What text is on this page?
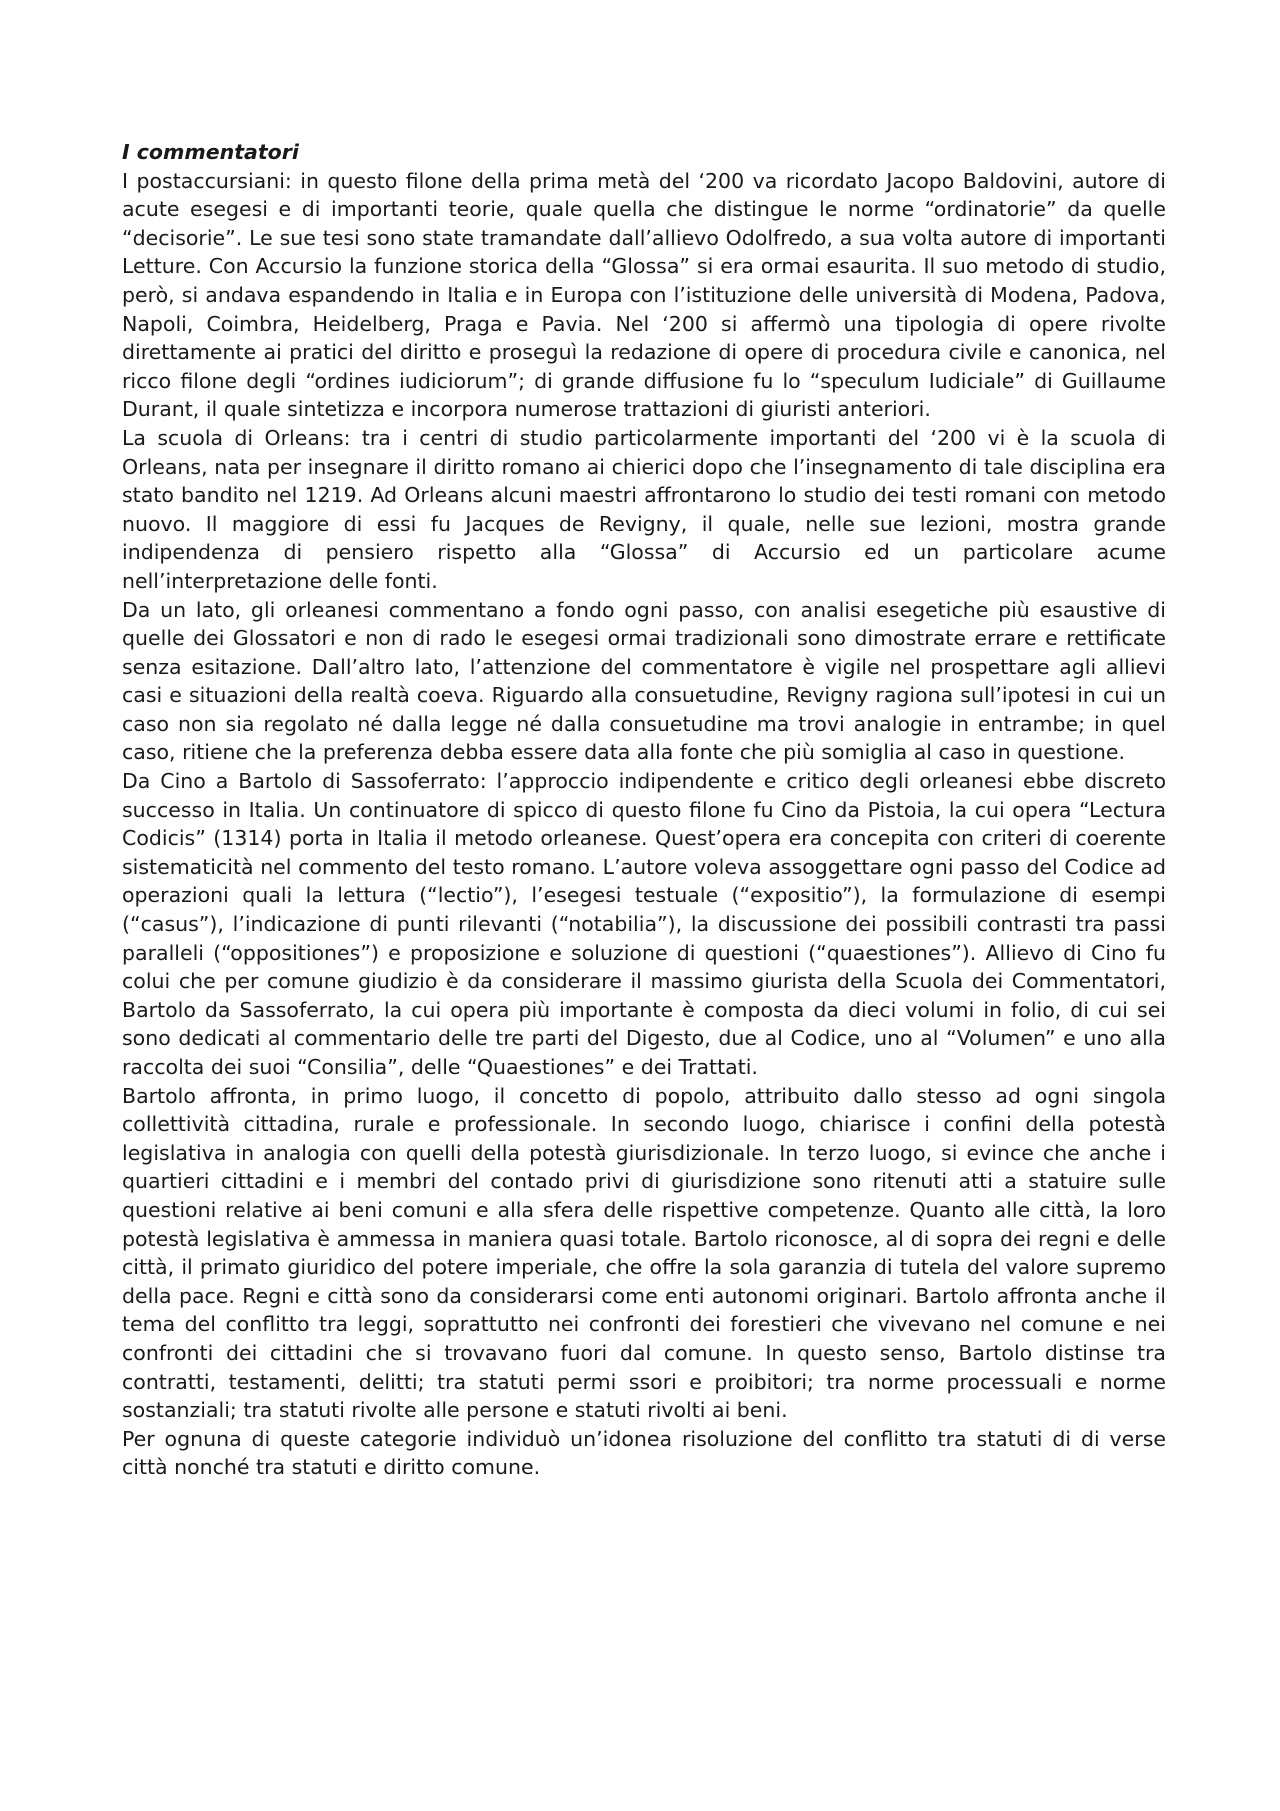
I commentatori

I postaccursiani: in questo filone della prima metà del ‘200 va ricordato Jacopo Baldovini, autore di acute esegesi e di importanti teorie, quale quella che distingue le norme “ordinatorie” da quelle “decisorie”. Le sue tesi sono state tramandate dall’allievo Odolfredo, a sua volta autore di importanti Letture. Con Accursio la funzione storica della “Glossa” si era ormai esaurita. Il suo metodo di studio, però, si andava espandendo in Italia e in Europa con l’istituzione delle università di Modena, Padova, Napoli, Coimbra, Heidelberg, Praga e Pavia. Nel ‘200 si affermò una tipologia di opere rivolte direttamente ai pratici del diritto e proseguì la redazione di opere di procedura civile e canonica, nel ricco filone degli “ordines iudiciorum”; di grande diffusione fu lo “speculum Iudiciale” di Guillaume Durant, il quale sintetizza e incorpora numerose trattazioni di giuristi anteriori.

La scuola di Orleans: tra i centri di studio particolarmente importanti del ‘200 vi è la scuola di Orleans, nata per insegnare il diritto romano ai chierici dopo che l’insegnamento di tale disciplina era stato bandito nel 1219. Ad Orleans alcuni maestri affrontarono lo studio dei testi romani con metodo nuovo. Il maggiore di essi fu Jacques de Revigny, il quale, nelle sue lezioni, mostra grande indipendenza di pensiero rispetto alla “Glossa” di Accursio ed un particolare acume nell’interpretazione delle fonti.

Da un lato, gli orleanesi commentano a fondo ogni passo, con analisi esegetiche più esaustive di quelle dei Glossatori e non di rado le esegesi ormai tradizionali sono dimostrate errare e rettificate senza esitazione. Dall’altro lato, l’attenzione del commentatore è vigile nel prospettare agli allievi casi e situazioni della realtà coeva. Riguardo alla consuetudine, Revigny ragiona sull’ipotesi in cui un caso non sia regolato né dalla legge né dalla consuetudine ma trovi analogie in entrambe; in quel caso, ritiene che la preferenza debba essere data alla fonte che più somiglia al caso in questione.

Da Cino a Bartolo di Sassoferrato: l’approccio indipendente e critico degli orleanesi ebbe discreto successo in Italia. Un continuatore di spicco di questo filone fu Cino da Pistoia, la cui opera “Lectura Codicis” (1314) porta in Italia il metodo orleanese. Quest’opera era concepita con criteri di coerente sistematicità nel commento del testo romano. L’autore voleva assoggettare ogni passo del Codice ad operazioni quali la lettura (“lectio”), l’esegesi testuale (“expositio”), la formulazione di esempi (“casus”), l’indicazione di punti rilevanti (“notabilia”), la discussione dei possibili contrasti tra passi paralleli (“oppositiones”) e proposizione e soluzione di questioni (“quaestiones”). Allievo di Cino fu colui che per comune giudizio è da considerare il massimo giurista della Scuola dei Commentatori, Bartolo da Sassoferrato, la cui opera più importante è composta da dieci volumi in folio, di cui sei sono dedicati al commentario delle tre parti del Digesto, due al Codice, uno al “Volumen” e uno alla raccolta dei suoi “Consilia”, delle “Quaestiones” e dei Trattati.

Bartolo affronta, in primo luogo, il concetto di popolo, attribuito dallo stesso ad ogni singola collettività cittadina, rurale e professionale. In secondo luogo, chiarisce i confini della potestà legislativa in analogia con quelli della potestà giurisdizionale. In terzo luogo, si evince che anche i quartieri cittadini e i membri del contado privi di giurisdizione sono ritenuti atti a statuire sulle questioni relative ai beni comuni e alla sfera delle rispettive competenze. Quanto alle città, la loro potestà legislativa è ammessa in maniera quasi totale. Bartolo riconosce, al di sopra dei regni e delle città, il primato giuridico del potere imperiale, che offre la sola garanzia di tutela del valore supremo della pace. Regni e città sono da considerarsi come enti autonomi originari. Bartolo affronta anche il tema del conflitto tra leggi, soprattutto nei confronti dei forestieri che vivevano nel comune e nei confronti dei cittadini che si trovavano fuori dal comune. In questo senso, Bartolo distinse tra contratti, testamenti, delitti; tra statuti permi ssori e proibitori; tra norme processuali e norme sostanziali; tra statuti rivolte alle persone e statuti rivolti ai beni.

Per ognuna di queste categorie individuò un’idonea risoluzione del conflitto tra statuti di di verse città nonché tra statuti e diritto comune.
